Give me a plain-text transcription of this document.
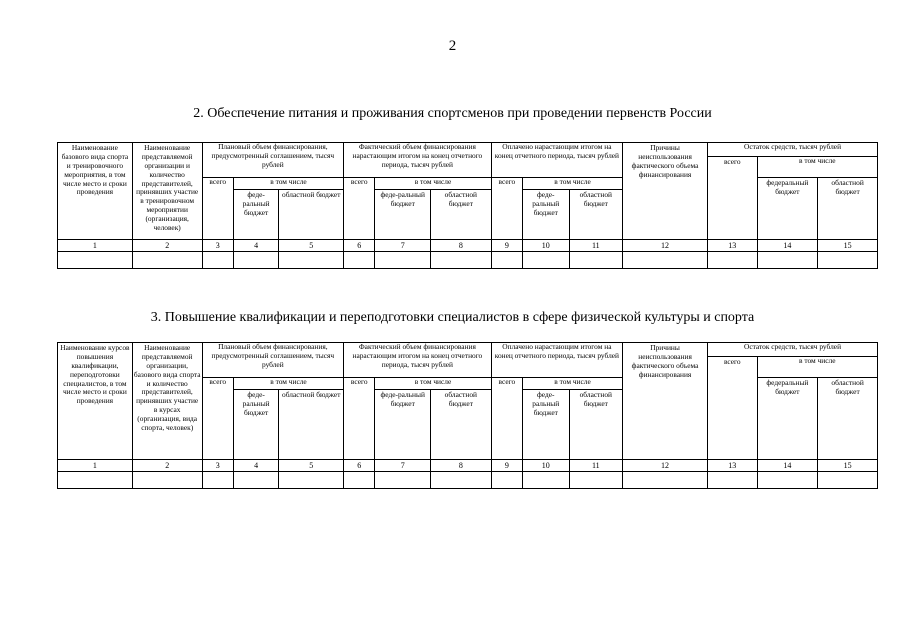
2
2. Обеспечение питания и проживания спортсменов при проведении первенств России
Наименование базового вида спорта и тренировочного мероприятия, в том числе место и сроки проведения	Наименование представляемой организации и количество представителей, принявших участие в тренировочном мероприятии (организация, человек)	Плановый объем финансирования, предусмотренный соглашением, тысяч рублей			Фактический объем финансирования нарастающим итогом на конец отчетного периода, тысяч рублей			Оплачено нарастающим итогом на конец отчетного периода, тысяч рублей			Причины неиспользования фактического объема финансирования	Остаток средств, тысяч рублей		
												всего	в том числе	
		всего	в том числе		всего	в том числе		всего	в том числе				федеральный бюджет	областной бюджет
			феде-ральный бюджет	областной бюджет		феде-ральный бюджет	областной бюджет		феде-ральный бюджет	областной бюджет				
1	2	3	4	5	6	7	8	9	10	11	12	13	14	15

3. Повышение квалификации и переподготовки специалистов в сфере физической культуры и спорта
Наименование курсов повышения квалификации, переподготовки специалистов, в том числе место и сроки проведения	Наименование представляемой организации, базового вида спорта и количество представителей, принявших участие в курсах (организация, вида спорта, человек)	Плановый объем финансирования, предусмотренный соглашением, тысяч рублей			Фактический объем финансирования нарастающим итогом на конец отчетного периода, тысяч рублей			Оплачено нарастающим итогом на конец отчетного периода, тысяч рублей			Причины неиспользования фактического объема финансирования	Остаток средств, тысяч рублей		
												всего	в том числе	
		всего	в том числе		всего	в том числе		всего	в том числе				федеральный бюджет	областной бюджет
			феде-ральный бюджет	областной бюджет		феде-ральный бюджет	областной бюджет		феде-ральный бюджет	областной бюджет				
1	2	3	4	5	6	7	8	9	10	11	12	13	14	15
